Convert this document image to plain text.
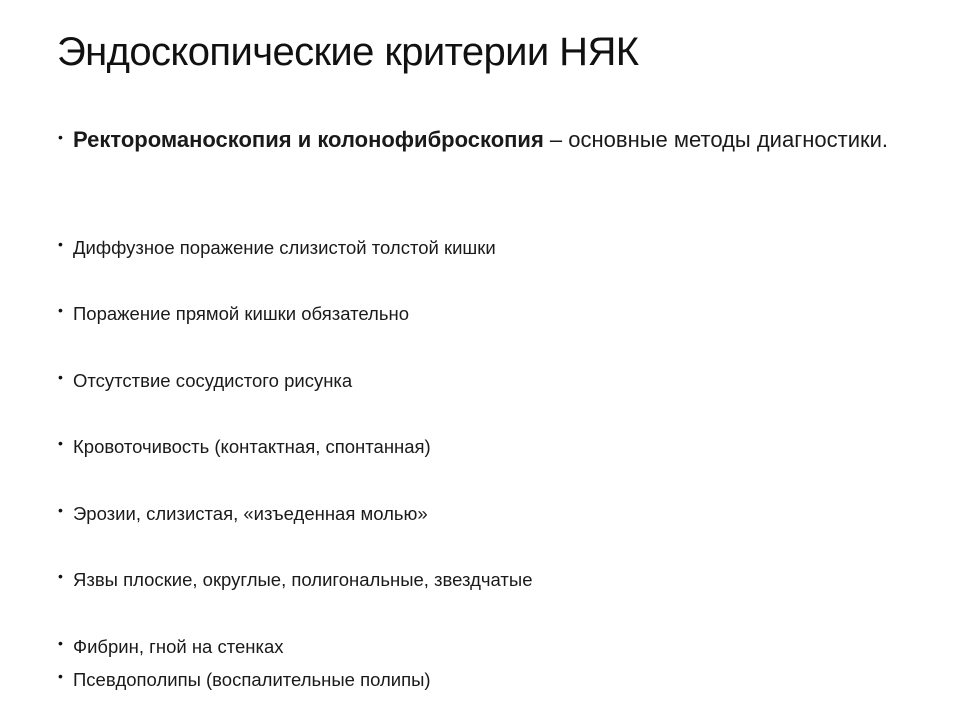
Эндоскопические критерии НЯК
• Ректороманоскопия и колонофиброскопия – основные методы диагностики.
• Диффузное поражение слизистой толстой кишки
• Поражение прямой кишки обязательно
• Отсутствие сосудистого рисунка
• Кровоточивость (контактная, спонтанная)
• Эрозии, слизистая, «изъеденная молью»
• Язвы плоские, округлые, полигональные, звездчатые
• Фибрин, гной на стенках
• Псевдополипы (воспалительные полипы)
